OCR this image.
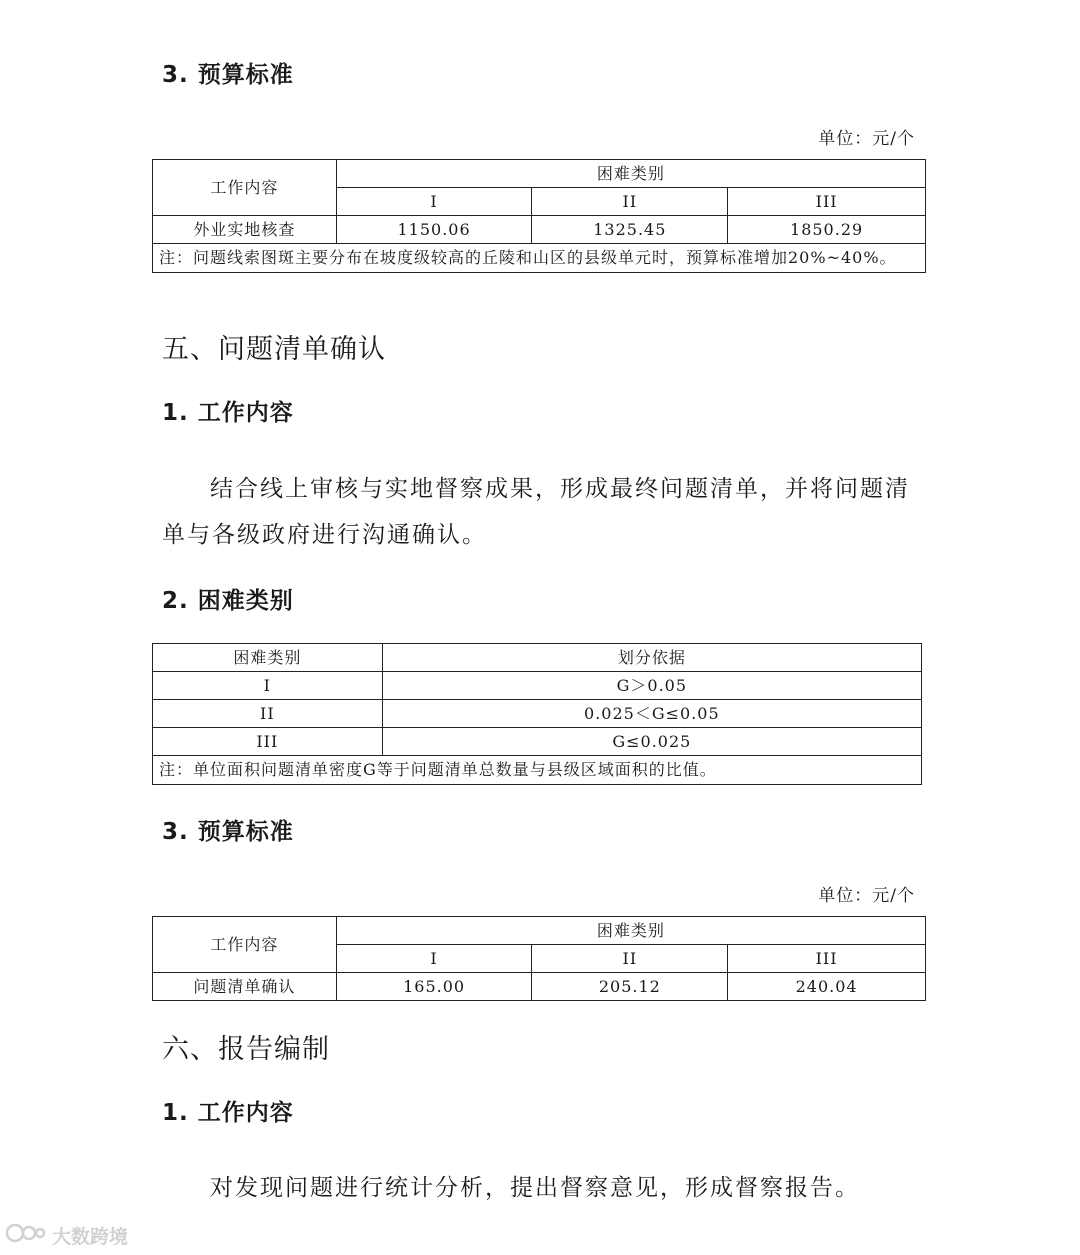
3. 预算标准
单位：元/个
工作内容	困难类别		
	I	II	III
外业实地核查	1150.06	1325.45	1850.29
注：问题线索图斑主要分布在坡度级较高的丘陵和山区的县级单元时，预算标准增加20%~40%。			
五、问题清单确认
1. 工作内容

结合线上审核与实地督察成果，形成最终问题清单，并将问题清单与各级政府进行沟通确认。

2. 困难类别
困难类别	划分依据
I	G＞0.05
II	0.025＜G≤0.05
III	G≤0.025
注：单位面积问题清单密度G等于问题清单总数量与县级区域面积的比值。	
3. 预算标准
单位：元/个
工作内容	困难类别		
	I	II	III
问题清单确认	165.00	205.12	240.04
六、报告编制
1. 工作内容

对发现问题进行统计分析，提出督察意见，形成督察报告。

大数跨境
